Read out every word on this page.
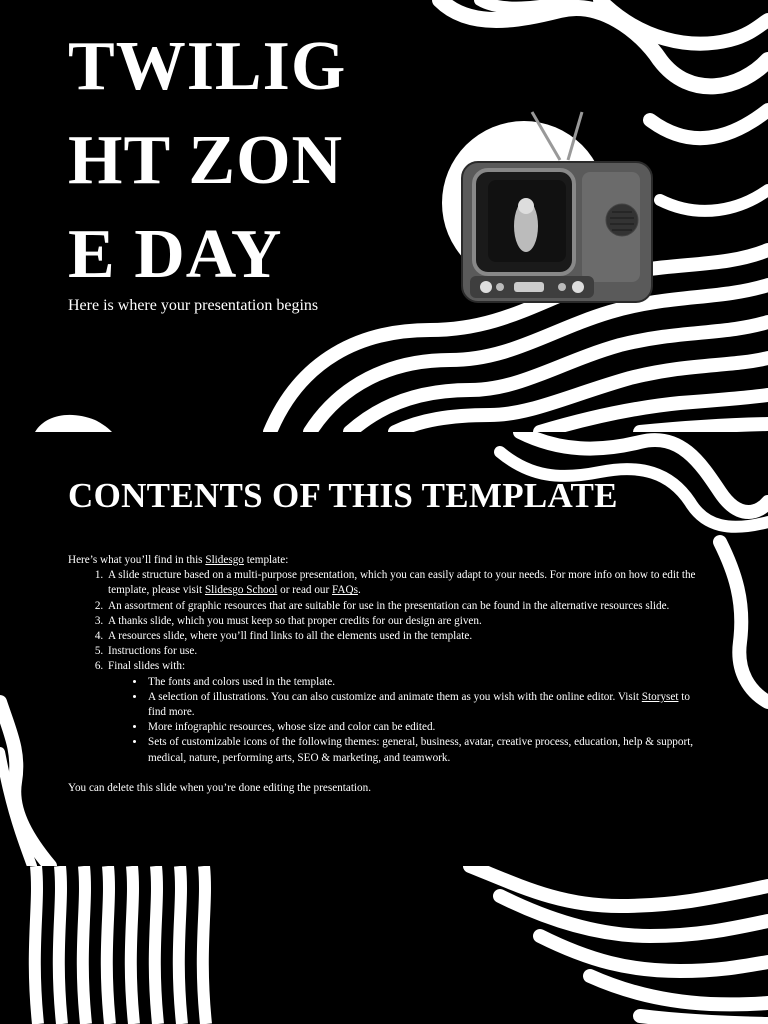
TWILIGHT ZONE DAY

Here is where your presentation begins

CONTENTS OF THIS TEMPLATE

Here’s what you’ll find in this Slidesgo template:

1. A slide structure based on a multi-purpose presentation, which you can easily adapt to your needs. For more info on how to edit the template, please visit Slidesgo School or read our FAQs.
2. An assortment of graphic resources that are suitable for use in the presentation can be found in the alternative resources slide.
3. A thanks slide, which you must keep so that proper credits for our design are given.
4. A resources slide, where you’ll find links to all the elements used in the template.
5. Instructions for use.
6. Final slides with:
• The fonts and colors used in the template.
• A selection of illustrations. You can also customize and animate them as you wish with the online editor. Visit Storyset to find more.
• More infographic resources, whose size and color can be edited.
• Sets of customizable icons of the following themes: general, business, avatar, creative process, education, help & support, medical, nature, performing arts, SEO & marketing, and teamwork.

You can delete this slide when you’re done editing the presentation.
